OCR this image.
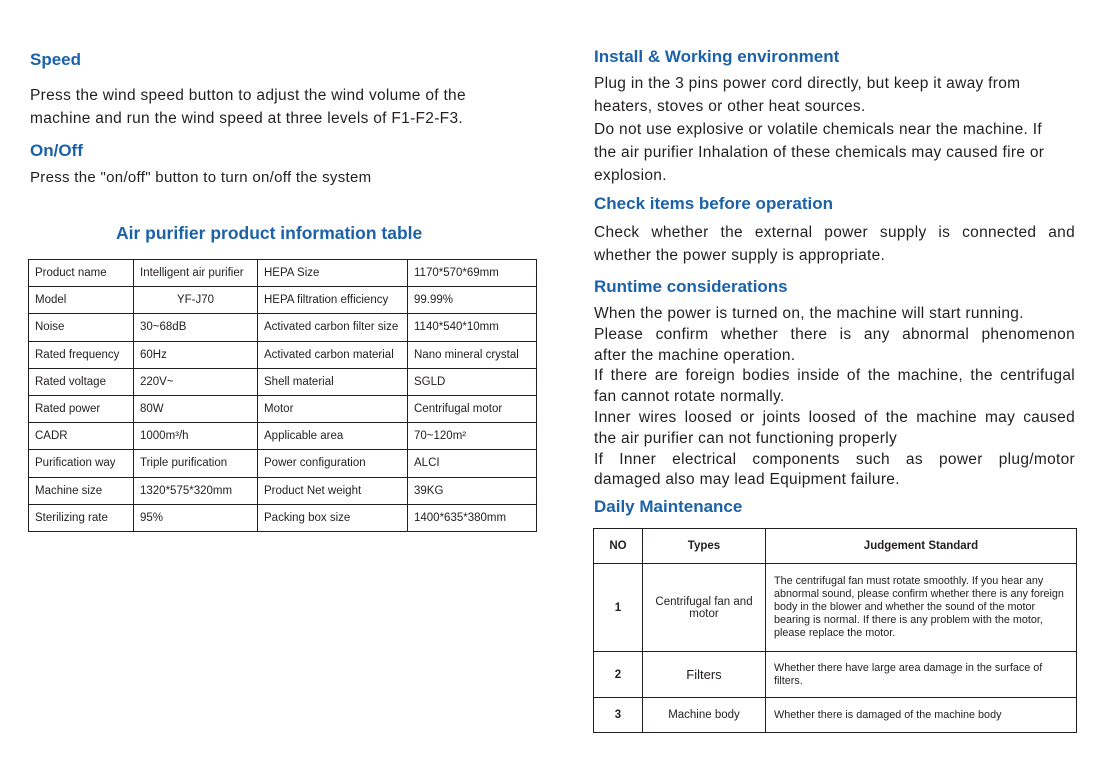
Speed
Press the wind speed button to adjust the wind volume of the
machine and run the wind speed at three levels of F1-F2-F3.
On/Off
Press the "on/off" button to turn on/off the system
Air purifier product information table
Product name	Intelligent air purifier	HEPA Size	1170*570*69mm
Model	YF-J70	HEPA filtration efficiency	99.99%
Noise	30~68dB	Activated carbon filter size	1140*540*10mm
Rated frequency	60Hz	Activated carbon material	Nano mineral crystal
Rated voltage	220V~	Shell material	SGLD
Rated power	80W	Motor	Centrifugal motor
CADR	1000m³/h	Applicable area	70~120m²
Purification way	Triple purification	Power configuration	ALCI
Machine size	1320*575*320mm	Product Net weight	39KG
Sterilizing rate	95%	Packing box size	1400*635*380mm
Install & Working environment
Plug in the 3 pins power cord directly, but keep it away from
heaters, stoves or other heat sources.
Do not use explosive or volatile chemicals near the machine. If
the air purifier Inhalation of these chemicals may caused fire or
explosion.
Check items before operation
Check whether the external power supply is connected and
whether the power supply is appropriate.
Runtime considerations
When the power is turned on, the machine will start running.
Please confirm whether there is any abnormal phenomenon
after the machine operation.
If there are foreign bodies inside of the machine, the centrifugal
fan cannot rotate normally.
Inner wires loosed or joints loosed of the machine may caused
the air purifier can not functioning properly
If Inner electrical components such as power plug/motor
damaged also may lead Equipment failure.
Daily Maintenance
NO	Types	Judgement Standard
1	Centrifugal fan and motor	The centrifugal fan must rotate smoothly. If you hear any abnormal sound, please confirm whether there is any foreign body in the blower and whether the sound of the motor bearing is normal. If there is any problem with the motor, please replace the motor.
2	Filters	Whether there have large area damage in the surface of filters.
3	Machine body	Whether there is damaged of the machine body
